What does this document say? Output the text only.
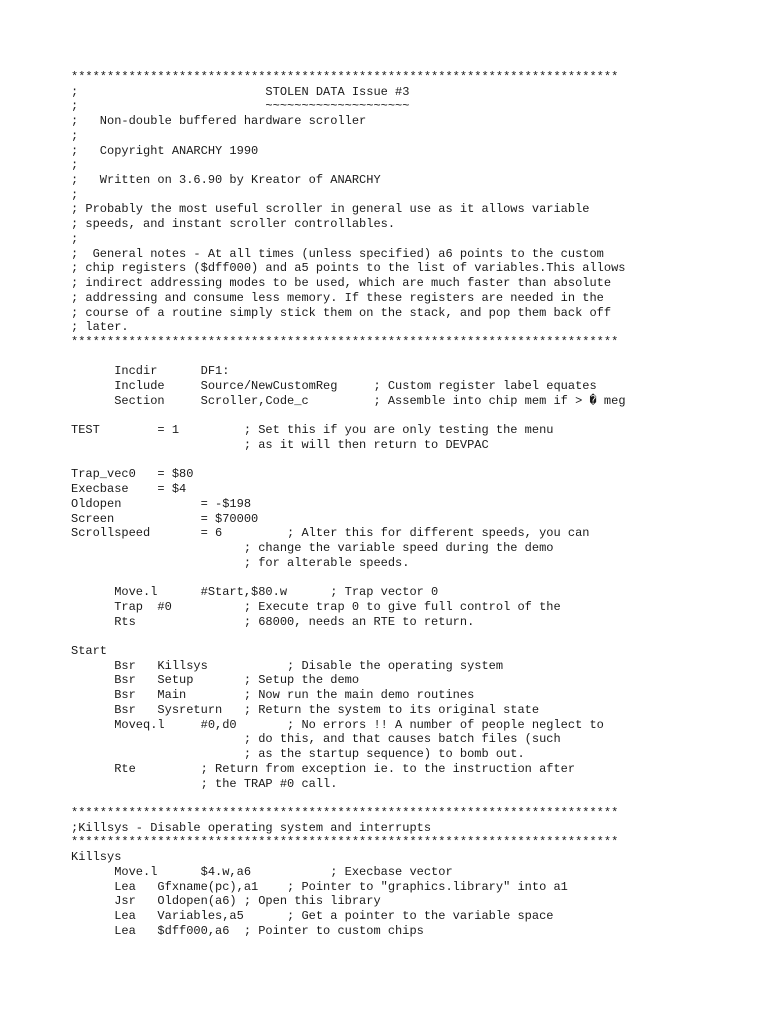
****************************************************************************
;                          STOLEN DATA Issue #3
;                          ~~~~~~~~~~~~~~~~~~~~
;   Non-double buffered hardware scroller
;
;   Copyright ANARCHY 1990
;
;   Written on 3.6.90 by Kreator of ANARCHY
;
; Probably the most useful scroller in general use as it allows variable
; speeds, and instant scroller controllables.
;
;  General notes - At all times (unless specified) a6 points to the custom
; chip registers ($dff000) and a5 points to the list of variables.This allows
; indirect addressing modes to be used, which are much faster than absolute
; addressing and consume less memory. If these registers are needed in the
; course of a routine simply stick them on the stack, and pop them back off
; later.
****************************************************************************
Incdir      DF1:
Include     Source/NewCustomReg     ; Custom register label equates
Section     Scroller,Code_c         ; Assemble into chip mem if > � meg
TEST        = 1         ; Set this if you are only testing the menu
; as it will then return to DEVPAC
Trap_vec0   = $80
Execbase    = $4
Oldopen           = -$198
Screen            = $70000
Scrollspeed       = 6         ; Alter this for different speeds, you can
; change the variable speed during the demo
; for alterable speeds.
Move.l      #Start,$80.w      ; Trap vector 0
Trap  #0          ; Execute trap 0 to give full control of the
Rts               ; 68000, needs an RTE to return.
Start
Bsr   Killsys           ; Disable the operating system
Bsr   Setup       ; Setup the demo
Bsr   Main        ; Now run the main demo routines
Bsr   Sysreturn   ; Return the system to its original state
Moveq.l     #0,d0       ; No errors !! A number of people neglect to
; do this, and that causes batch files (such
; as the startup sequence) to bomb out.
Rte         ; Return from exception ie. to the instruction after
; the TRAP #0 call.
****************************************************************************
;Killsys - Disable operating system and interrupts
****************************************************************************
Killsys
Move.l      $4.w,a6           ; Execbase vector
Lea   Gfxname(pc),a1    ; Pointer to "graphics.library" into a1
Jsr   Oldopen(a6) ; Open this library
Lea   Variables,a5      ; Get a pointer to the variable space
Lea   $dff000,a6  ; Pointer to custom chips
